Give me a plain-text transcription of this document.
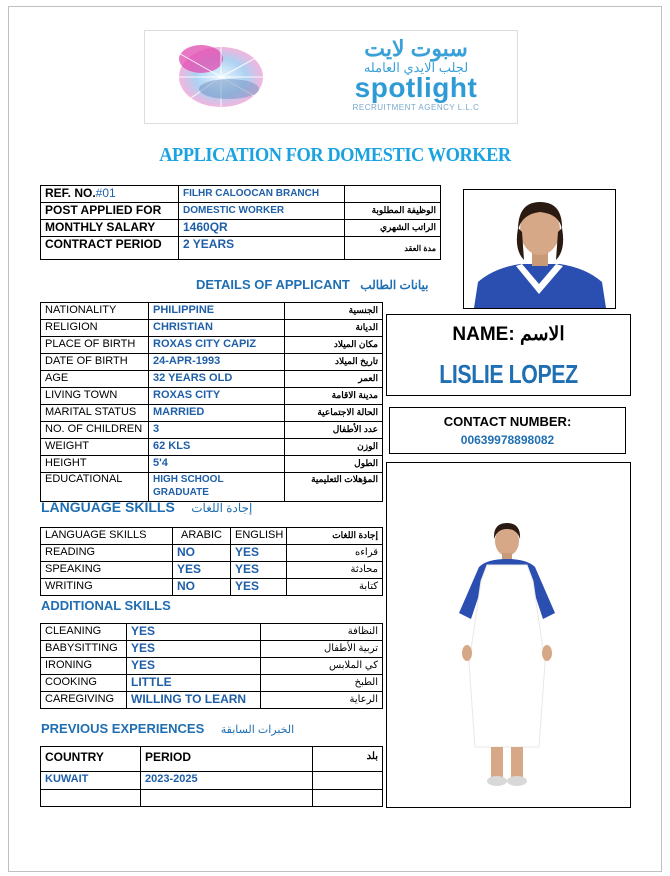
سبوت لايت
لجلب الايدي العامله
spotlight
RECRUITMENT AGENCY L.L.C
APPLICATION FOR DOMESTIC WORKER
REF. NO.#01	FILHR CALOOCAN BRANCH	
POST APPLIED FOR	DOMESTIC WORKER	الوظيفة المطلوبة
MONTHLY SALARY	1460QR	الراتب الشهري
CONTRACT PERIOD	2 YEARS	مدة العقد
DETAILS OF APPLICANT بيانات الطالب
NATIONALITY	PHILIPPINE	الجنسية
RELIGION	CHRISTIAN	الديانة
PLACE OF BIRTH	ROXAS CITY CAPIZ	مكان الميلاد
DATE OF BIRTH	24-APR-1993	تاريخ الميلاد
AGE	32 YEARS OLD	العمر
LIVING TOWN	ROXAS CITY	مدينة الاقامة
MARITAL STATUS	MARRIED	الحالة الاجتماعية
NO. OF CHILDREN	3	عدد الأطفال
WEIGHT	62 KLS	الوزن
HEIGHT	5'4	الطول
EDUCATIONAL	HIGH SCHOOL GRADUATE	المؤهلات التعليمية
NAME: الاسم
LISLIE LOPEZ
CONTACT NUMBER:
00639978898082
LANGUAGE SKILLS إجادة اللغات
LANGUAGE SKILLS	ARABIC	ENGLISH	إجادة اللغات
READING	NO	YES	قراءه
SPEAKING	YES	YES	محادثة
WRITING	NO	YES	كتابة
ADDITIONAL SKILLS
CLEANING	YES	النظافة
BABYSITTING	YES	تربية الأطفال
IRONING	YES	كي الملابس
COOKING	LITTLE	الطبخ
CAREGIVING	WILLING TO LEARN	الرعاية
PREVIOUS EXPERIENCES الخبرات السابقة
COUNTRY	PERIOD	بلد
KUWAIT	2023-2025	
